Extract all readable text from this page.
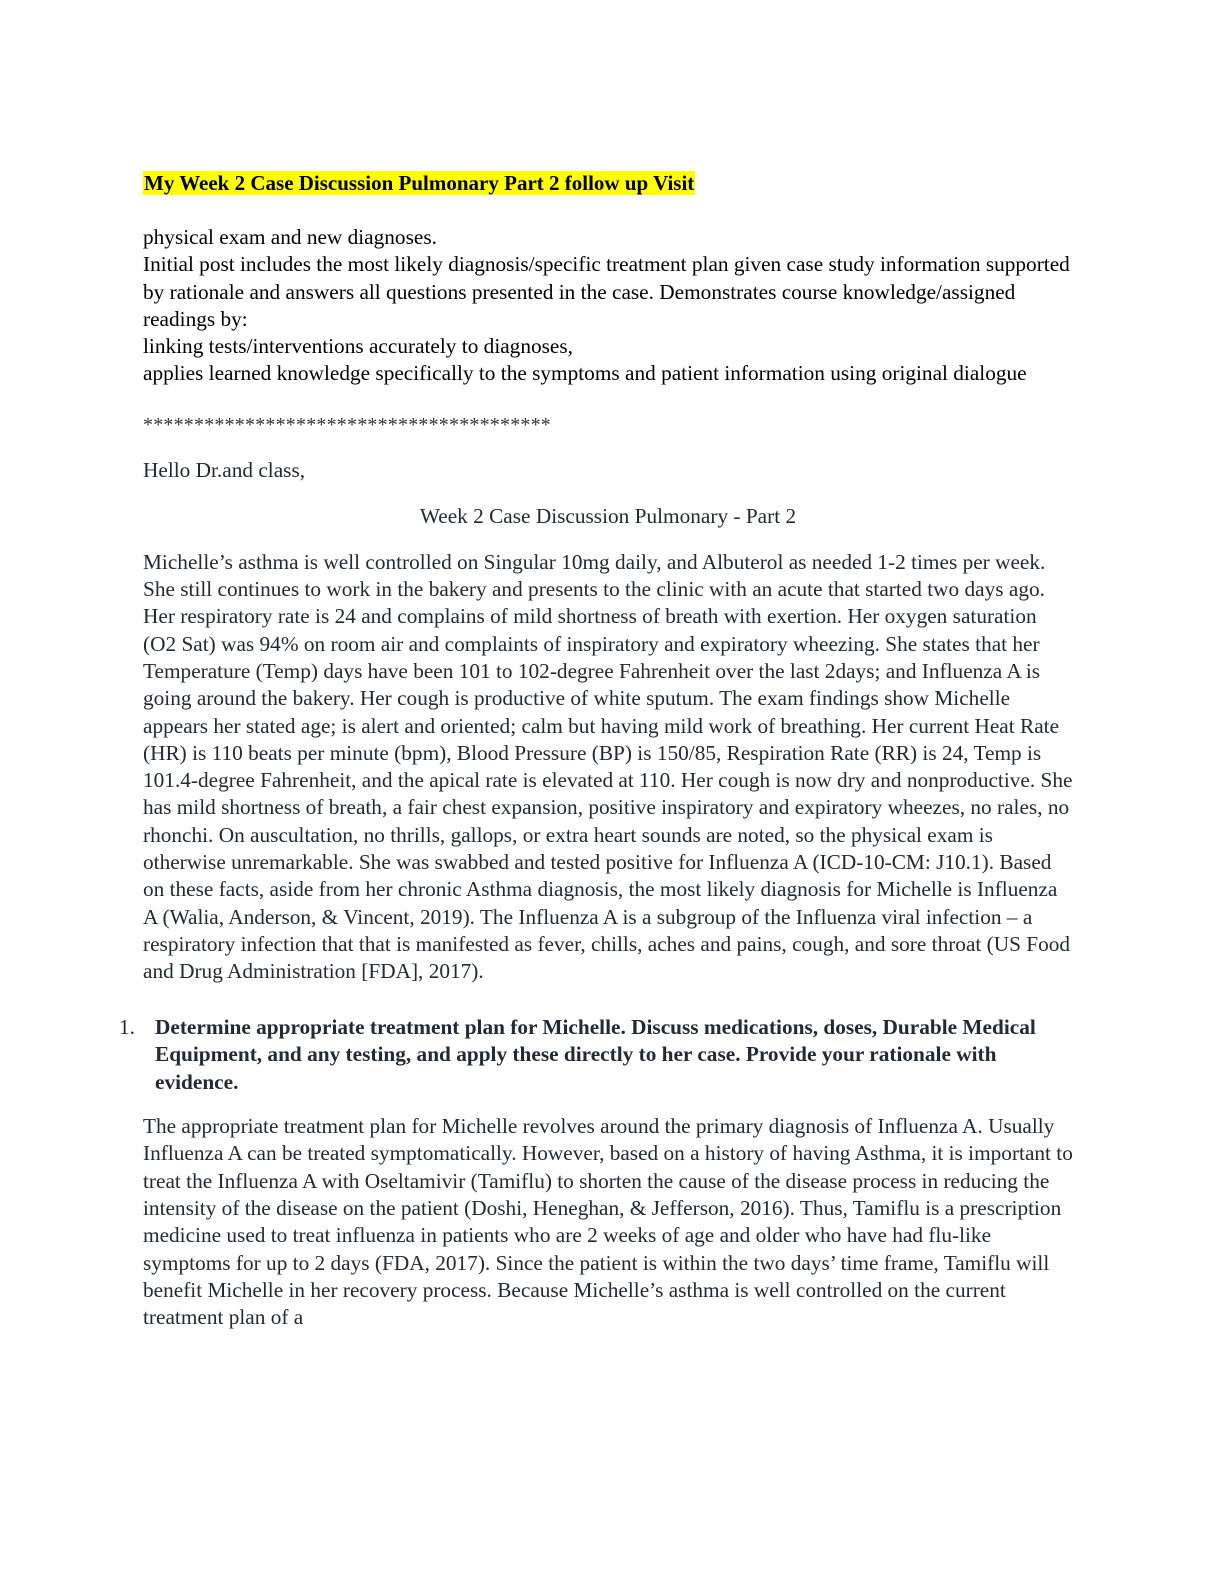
My Week 2 Case Discussion Pulmonary Part 2 follow up Visit
physical exam and new diagnoses.
Initial post includes the most likely diagnosis/specific treatment plan given case study information supported by rationale and answers all questions presented in the case. Demonstrates course knowledge/assigned readings by:
linking tests/interventions accurately to diagnoses,
applies learned knowledge specifically to the symptoms and patient information using original dialogue
****************************************
Hello Dr.and class,
Week 2 Case Discussion Pulmonary - Part 2

Michelle’s asthma is well controlled on Singular 10mg daily, and Albuterol as needed 1-2 times per week. She still continues to work in the bakery and presents to the clinic with an acute that started two days ago. Her respiratory rate is 24 and complains of mild shortness of breath with exertion. Her oxygen saturation (O2 Sat) was 94% on room air and complaints of inspiratory and expiratory wheezing. She states that her Temperature (Temp) days have been 101 to 102-degree Fahrenheit over the last 2days; and Influenza A is going around the bakery. Her cough is productive of white sputum. The exam findings show Michelle appears her stated age; is alert and oriented; calm but having mild work of breathing. Her current Heat Rate (HR) is 110 beats per minute (bpm), Blood Pressure (BP) is 150/85, Respiration Rate (RR) is 24, Temp is 101.4-degree Fahrenheit, and the apical rate is elevated at 110. Her cough is now dry and nonproductive. She has mild shortness of breath, a fair chest expansion, positive inspiratory and expiratory wheezes, no rales, no rhonchi. On auscultation, no thrills, gallops, or extra heart sounds are noted, so the physical exam is otherwise unremarkable. She was swabbed and tested positive for Influenza A (ICD-10-CM: J10.1). Based on these facts, aside from her chronic Asthma diagnosis, the most likely diagnosis for Michelle is Influenza A (Walia, Anderson, & Vincent, 2019). The Influenza A is a subgroup of the Influenza viral infection – a respiratory infection that that is manifested as fever, chills, aches and pains, cough, and sore throat (US Food and Drug Administration [FDA], 2017).

1. Determine appropriate treatment plan for Michelle. Discuss medications, doses, Durable Medical Equipment, and any testing, and apply these directly to her case. Provide your rationale with evidence.

The appropriate treatment plan for Michelle revolves around the primary diagnosis of Influenza A. Usually Influenza A can be treated symptomatically. However, based on a history of having Asthma, it is important to treat the Influenza A with Oseltamivir (Tamiflu) to shorten the cause of the disease process in reducing the intensity of the disease on the patient (Doshi, Heneghan, & Jefferson, 2016). Thus, Tamiflu is a prescription medicine used to treat influenza in patients who are 2 weeks of age and older who have had flu-like symptoms for up to 2 days (FDA, 2017). Since the patient is within the two days’ time frame, Tamiflu will benefit Michelle in her recovery process. Because Michelle’s asthma is well controlled on the current treatment plan of a
